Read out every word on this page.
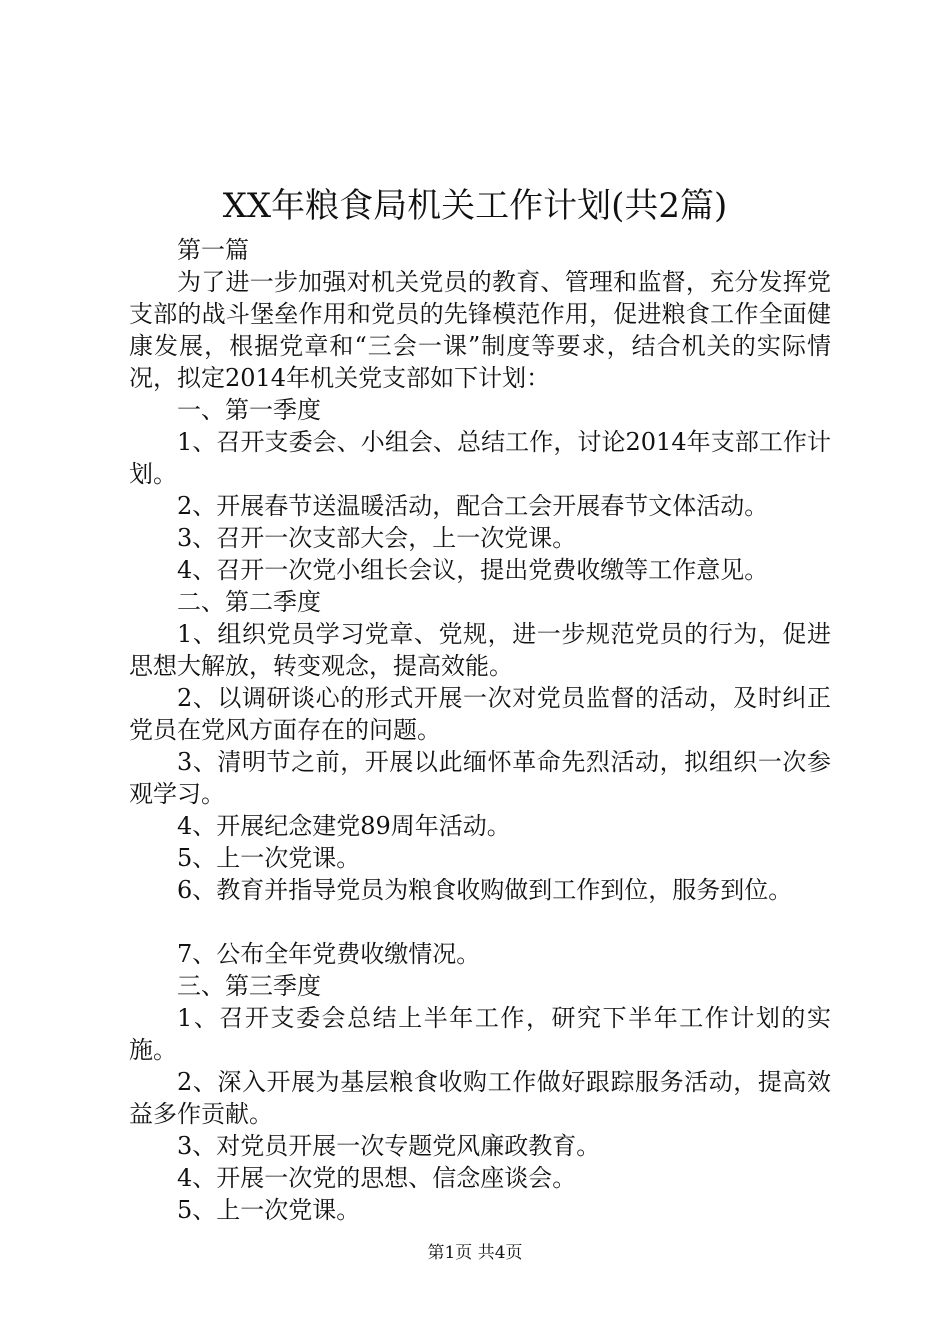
XX年粮食局机关工作计划(共2篇)

第一篇

为了进一步加强对机关党员的教育、管理和监督，充分发挥党支部的战斗堡垒作用和党员的先锋模范作用，促进粮食工作全面健康发展，根据党章和“三会一课”制度等要求，结合机关的实际情况，拟定2014年机关党支部如下计划：

一、第一季度

1、召开支委会、小组会、总结工作，讨论2014年支部工作计划。

2、开展春节送温暖活动，配合工会开展春节文体活动。

3、召开一次支部大会，上一次党课。

4、召开一次党小组长会议，提出党费收缴等工作意见。

二、第二季度

1、组织党员学习党章、党规，进一步规范党员的行为，促进思想大解放，转变观念，提高效能。

2、以调研谈心的形式开展一次对党员监督的活动，及时纠正党员在党风方面存在的问题。

3、清明节之前，开展以此缅怀革命先烈活动，拟组织一次参观学习。

4、开展纪念建党89周年活动。

5、上一次党课。

6、教育并指导党员为粮食收购做到工作到位，服务到位。

7、公布全年党费收缴情况。

三、第三季度

1、召开支委会总结上半年工作，研究下半年工作计划的实施。

2、深入开展为基层粮食收购工作做好跟踪服务活动，提高效益多作贡献。

3、对党员开展一次专题党风廉政教育。

4、开展一次党的思想、信念座谈会。

5、上一次党课。

第1页 共4页
